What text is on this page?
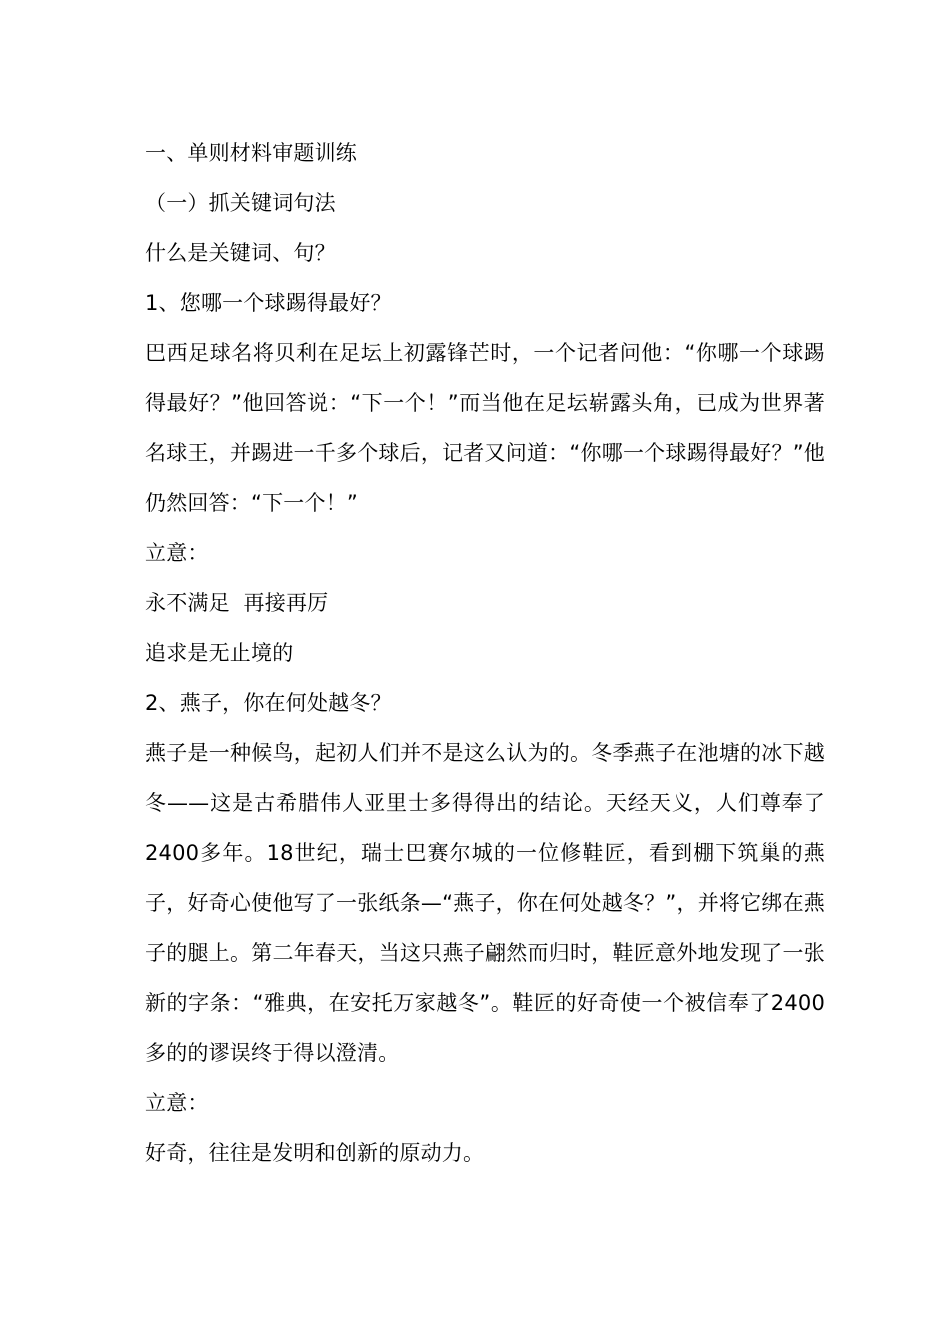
一、单则材料审题训练
（一）抓关键词句法
什么是关键词、句？
1、您哪一个球踢得最好？

巴西足球名将贝利在足坛上初露锋芒时，一个记者问他：“你哪一个球踢得最好？”他回答说：“下一个！”而当他在足坛崭露头角，已成为世界著名球王，并踢进一千多个球后，记者又问道：“你哪一个球踢得最好？”他仍然回答：“下一个！”

立意：
永不满足  再接再厉
追求是无止境的
2、燕子，你在何处越冬？

燕子是一种候鸟，起初人们并不是这么认为的。冬季燕子在池塘的冰下越冬——这是古希腊伟人亚里士多得得出的结论。天经天义，人们尊奉了2400多年。18世纪，瑞士巴赛尔城的一位修鞋匠，看到棚下筑巢的燕子，好奇心使他写了一张纸条—“燕子，你在何处越冬？”，并将它绑在燕子的腿上。第二年春天，当这只燕子翩然而归时，鞋匠意外地发现了一张新的字条：“雅典，在安托万家越冬”。鞋匠的好奇使一个被信奉了2400多的的谬误终于得以澄清。

立意：
好奇，往往是发明和创新的原动力。
